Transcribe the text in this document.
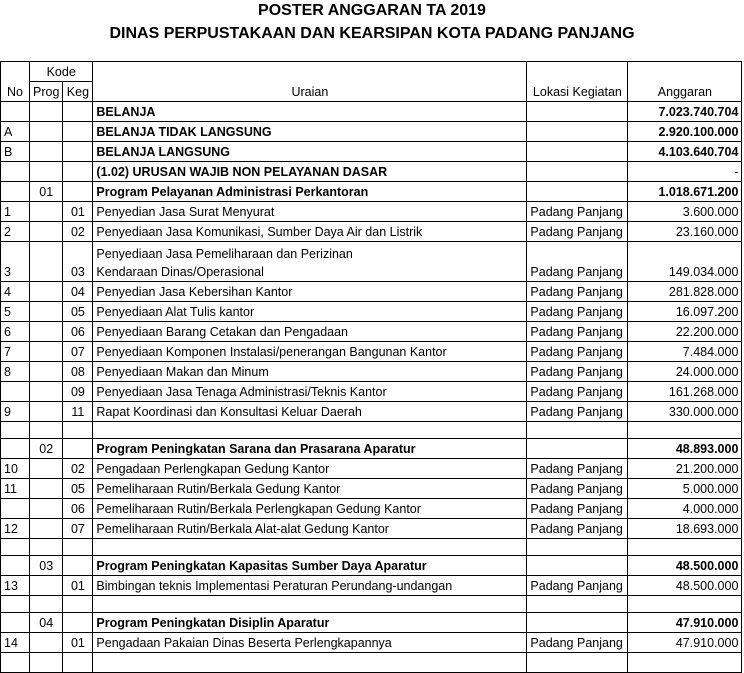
POSTER ANGGARAN TA 2019
DINAS PERPUSTAKAAN DAN KEARSIPAN KOTA PADANG PANJANG
No	Kode		Uraian	Lokasi Kegiatan	Anggaran
	Prog	Keg			
			BELANJA		7.023.740.704
A			BELANJA TIDAK LANGSUNG		2.920.100.000
B			BELANJA LANGSUNG		4.103.640.704
			(1.02) URUSAN WAJIB NON PELAYANAN DASAR		-
	01		Program Pelayanan Administrasi Perkantoran		1.018.671.200
1		01	Penyedian Jasa Surat Menyurat	Padang Panjang	3.600.000
2		02	Penyediaan Jasa Komunikasi, Sumber Daya Air dan Listrik	Padang Panjang	23.160.000
3		03	Penyediaan Jasa Pemeliharaan dan Perizinan
Kendaraan Dinas/Operasional	Padang Panjang	149.034.000
4		04	Penyedian Jasa Kebersihan Kantor	Padang Panjang	281.828.000
5		05	Penyediaan Alat Tulis kantor	Padang Panjang	16.097.200
6		06	Penyediaan Barang Cetakan dan Pengadaan	Padang Panjang	22.200.000
7		07	Penyediaan Komponen Instalasi/penerangan Bangunan Kantor	Padang Panjang	7.484.000
8		08	Penyediaan Makan dan Minum	Padang Panjang	24.000.000
		09	Penyediaan Jasa Tenaga Administrasi/Teknis Kantor	Padang Panjang	161.268.000
9		11	Rapat Koordinasi dan Konsultasi Keluar Daerah	Padang Panjang	330.000.000

	02		Program Peningkatan Sarana dan Prasarana Aparatur		48.893.000
10		02	Pengadaan Perlengkapan Gedung Kantor	Padang Panjang	21.200.000
11		05	Pemeliharaan Rutin/Berkala Gedung Kantor	Padang Panjang	5.000.000
		06	Pemeliharaan Rutin/Berkala Perlengkapan Gedung Kantor	Padang Panjang	4.000.000
12		07	Pemeliharaan Rutin/Berkala Alat-alat Gedung Kantor	Padang Panjang	18.693.000

	03		Program Peningkatan Kapasitas Sumber Daya Aparatur		48.500.000
13		01	Bimbingan teknis Implementasi Peraturan Perundang-undangan	Padang Panjang	48.500.000

	04		Program Peningkatan Disiplin Aparatur		47.910.000
14		01	Pengadaan Pakaian Dinas Beserta Perlengkapannya	Padang Panjang	47.910.000
